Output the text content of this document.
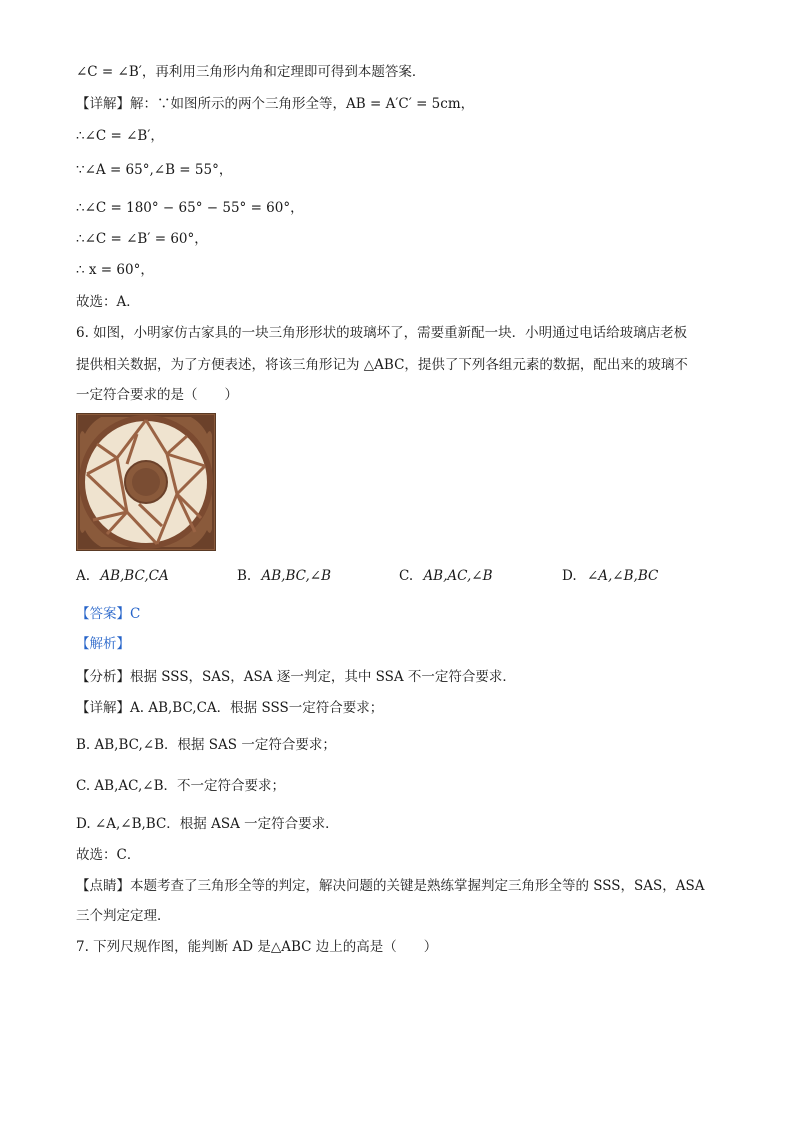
∠C = ∠B′，再利用三角形内角和定理即可得到本题答案．
【详解】解：∵如图所示的两个三角形全等，AB = A′C′ = 5cm，
∴∠C = ∠B′，
∵∠A = 65°,∠B = 55°，
∴∠C = 180° − 65° − 55° = 60°，
∴∠C = ∠B′ = 60°，
∴ x = 60°，
故选：A．
6. 如图，小明家仿古家具的一块三角形形状的玻璃坏了，需要重新配一块．小明通过电话给玻璃店老板
提供相关数据，为了方便表述，将该三角形记为 △ABC，提供了下列各组元素的数据，配出来的玻璃不
一定符合要求的是（　　）
A. AB,BC,CA	B. AB,BC,∠B	C. AB,AC,∠B	D. ∠A,∠B,BC
【答案】C
【解析】
【分析】根据 SSS，SAS，ASA 逐一判定，其中 SSA 不一定符合要求．
【详解】A. AB,BC,CA．根据 SSS一定符合要求；
B. AB,BC,∠B．根据 SAS 一定符合要求；
C. AB,AC,∠B．不一定符合要求；
D. ∠A,∠B,BC．根据 ASA 一定符合要求．
故选：C．
【点睛】本题考查了三角形全等的判定，解决问题的关键是熟练掌握判定三角形全等的 SSS，SAS，ASA
三个判定定理．
7. 下列尺规作图，能判断 AD 是△ABC 边上的高是（　　）
